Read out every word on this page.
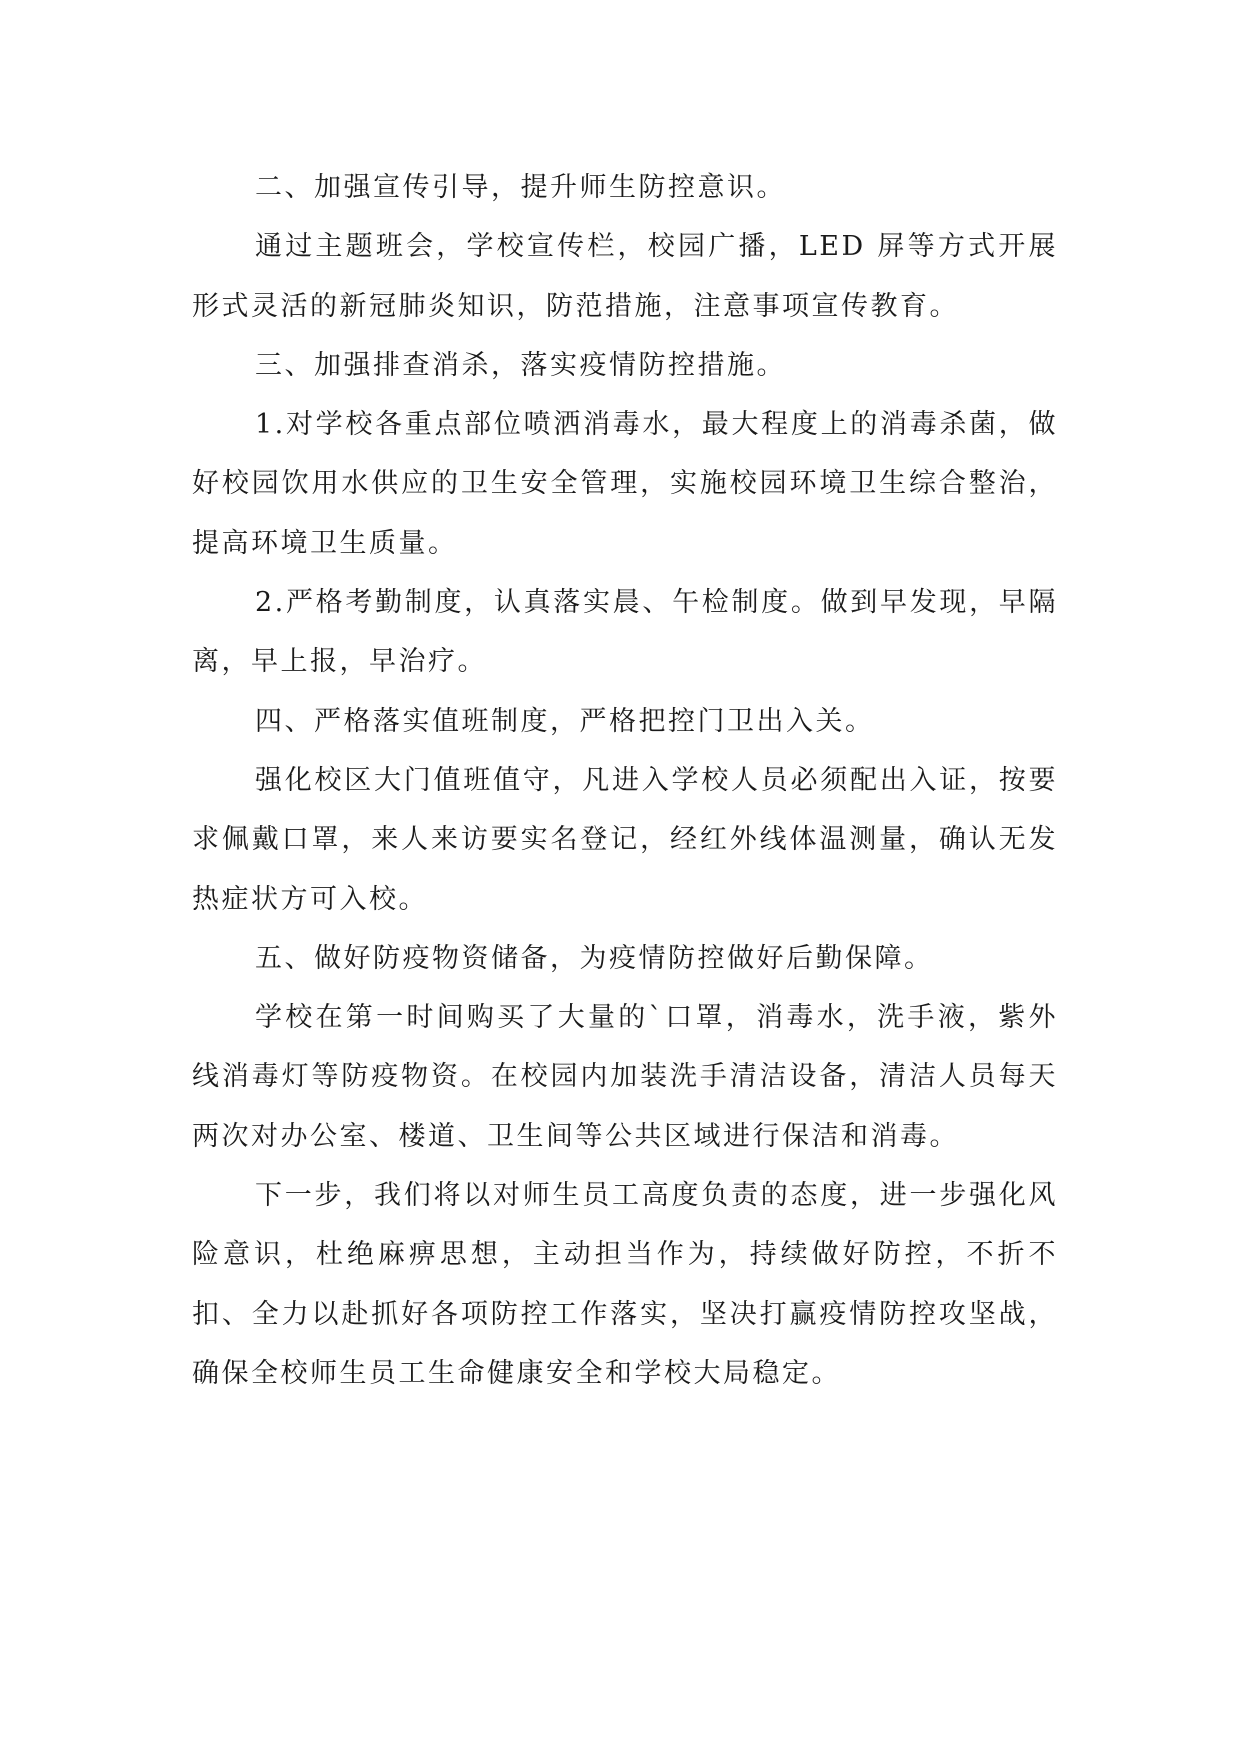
二、加强宣传引导，提升师生防控意识。

通过主题班会，学校宣传栏，校园广播，LED 屏等方式开展形式灵活的新冠肺炎知识，防范措施，注意事项宣传教育。

三、加强排查消杀，落实疫情防控措施。

1.对学校各重点部位喷洒消毒水，最大程度上的消毒杀菌，做好校园饮用水供应的卫生安全管理，实施校园环境卫生综合整治，提高环境卫生质量。

2.严格考勤制度，认真落实晨、午检制度。做到早发现，早隔离，早上报，早治疗。

四、严格落实值班制度，严格把控门卫出入关。

强化校区大门值班值守，凡进入学校人员必须配出入证，按要求佩戴口罩，来人来访要实名登记，经红外线体温测量，确认无发热症状方可入校。

五、做好防疫物资储备，为疫情防控做好后勤保障。

学校在第一时间购买了大量的`口罩，消毒水，洗手液，紫外线消毒灯等防疫物资。在校园内加装洗手清洁设备，清洁人员每天两次对办公室、楼道、卫生间等公共区域进行保洁和消毒。

下一步，我们将以对师生员工高度负责的态度，进一步强化风险意识，杜绝麻痹思想，主动担当作为，持续做好防控，不折不扣、全力以赴抓好各项防控工作落实，坚决打赢疫情防控攻坚战，确保全校师生员工生命健康安全和学校大局稳定。
